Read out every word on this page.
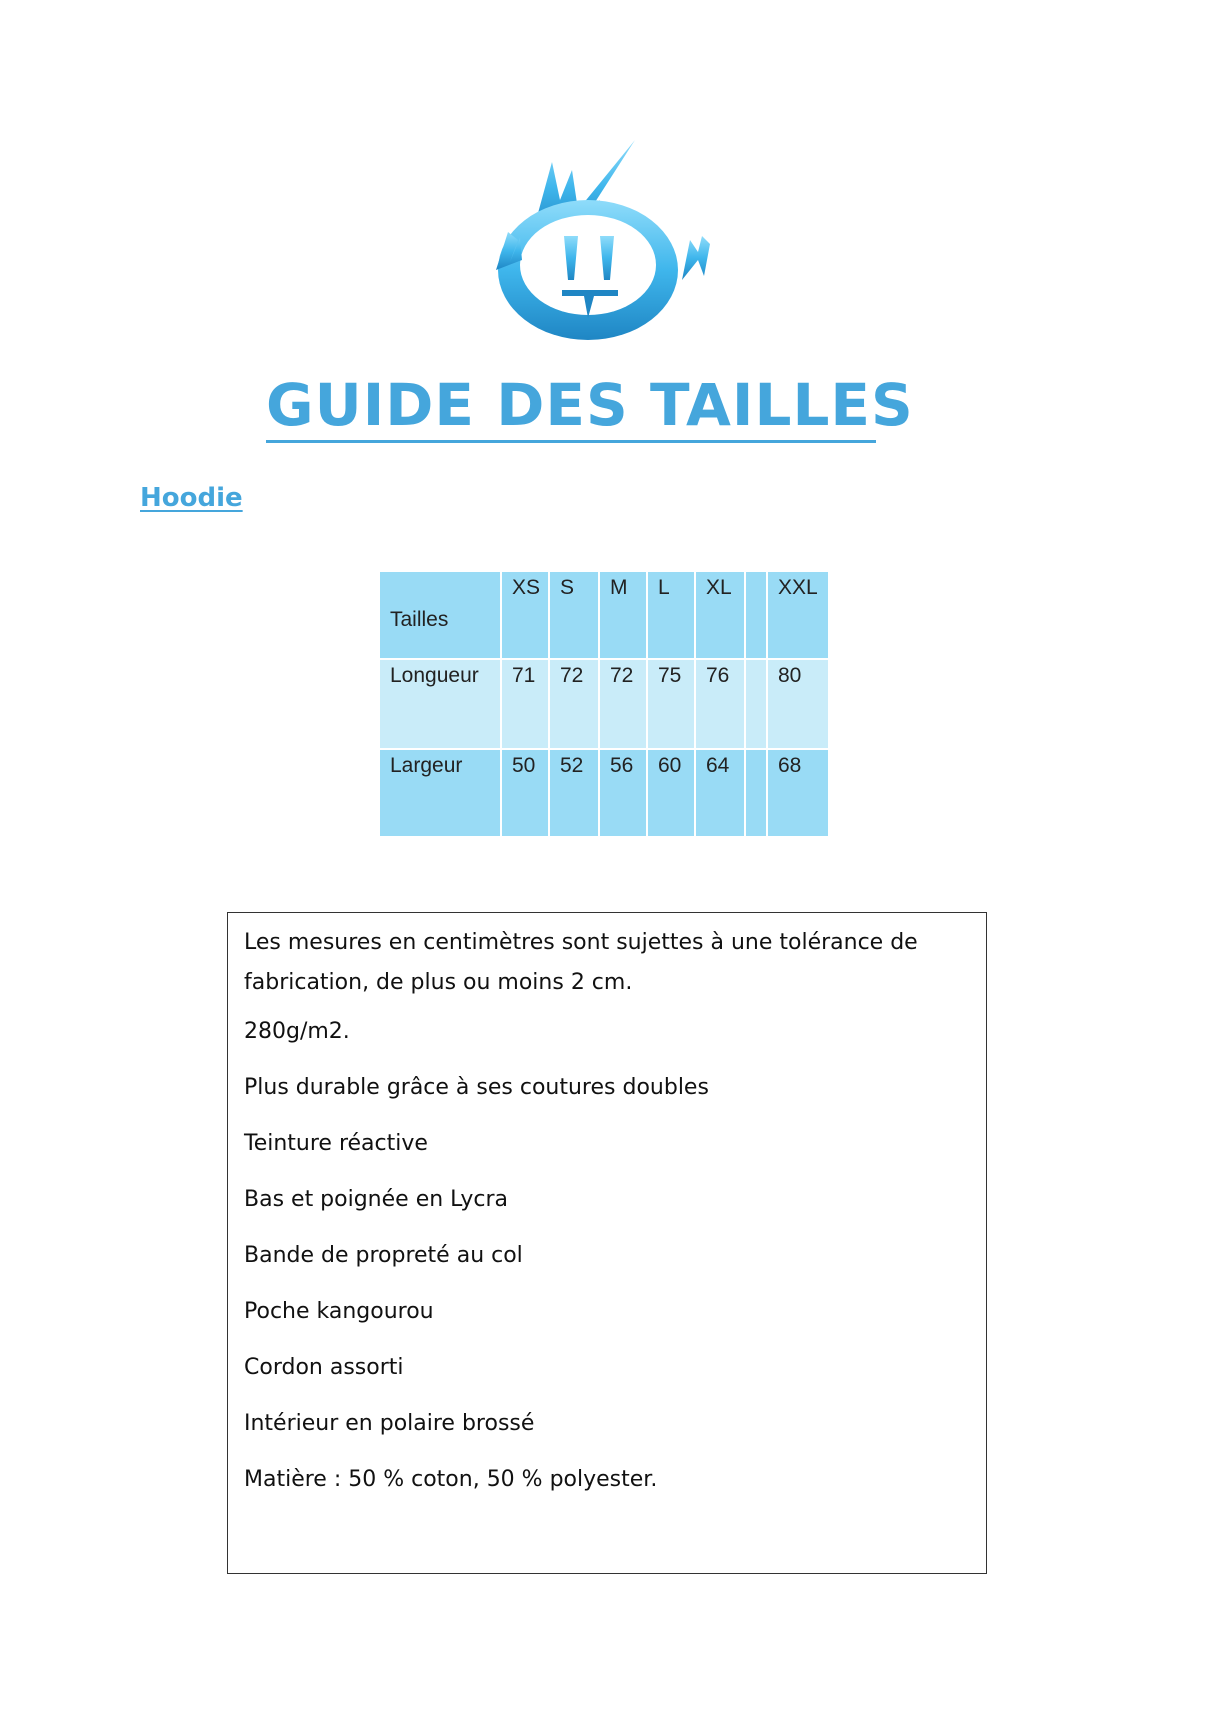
GUIDE DES TAILLES
Hoodie
Tailles	XS	S	M	L	XL		XXL
Longueur	71	72	72	75	76		80
Largeur	50	52	56	60	64		68

Les mesures en centimètres sont sujettes à une tolérance de fabrication, de plus ou moins 2 cm.

280g/m2.

Plus durable grâce à ses coutures doubles

Teinture réactive

Bas et poignée en Lycra

Bande de propreté au col

Poche kangourou

Cordon assorti

Intérieur en polaire brossé

Matière : 50 % coton, 50 % polyester.
